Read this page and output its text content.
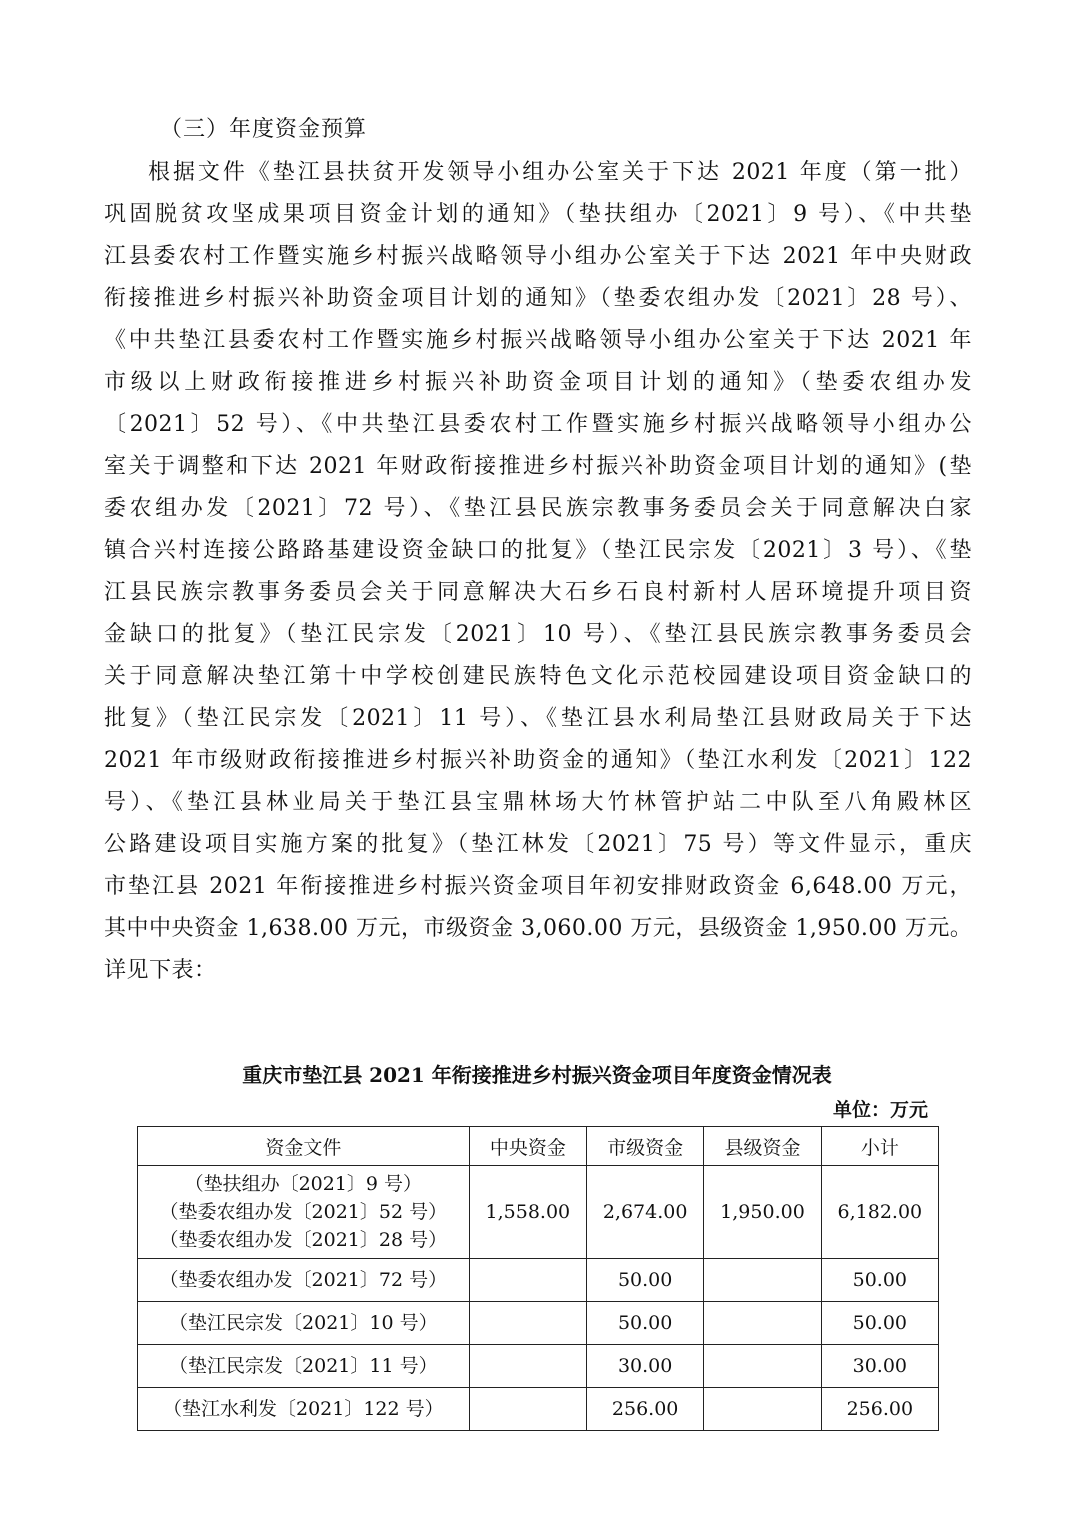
（三）年度资金预算
根据文件《垫江县扶贫开发领导小组办公室关于下达 2021 年度（第一批）
巩固脱贫攻坚成果项目资金计划的通知》（垫扶组办〔2021〕9 号）、《中共垫
江县委农村工作暨实施乡村振兴战略领导小组办公室关于下达 2021 年中央财政
衔接推进乡村振兴补助资金项目计划的通知》（垫委农组办发〔2021〕28 号）、
《中共垫江县委农村工作暨实施乡村振兴战略领导小组办公室关于下达 2021 年
市级以上财政衔接推进乡村振兴补助资金项目计划的通知》（垫委农组办发
〔2021〕52 号）、《中共垫江县委农村工作暨实施乡村振兴战略领导小组办公
室关于调整和下达 2021 年财政衔接推进乡村振兴补助资金项目计划的通知》(垫
委农组办发〔2021〕72 号）、《垫江县民族宗教事务委员会关于同意解决白家
镇合兴村连接公路路基建设资金缺口的批复》（垫江民宗发〔2021〕3 号）、《垫
江县民族宗教事务委员会关于同意解决大石乡石良村新村人居环境提升项目资
金缺口的批复》（垫江民宗发〔2021〕10 号）、《垫江县民族宗教事务委员会
关于同意解决垫江第十中学校创建民族特色文化示范校园建设项目资金缺口的
批复》（垫江民宗发〔2021〕11 号）、《垫江县水利局垫江县财政局关于下达
2021 年市级财政衔接推进乡村振兴补助资金的通知》（垫江水利发〔2021〕122
号）、《垫江县林业局关于垫江县宝鼎林场大竹林管护站二中队至八角殿林区
公路建设项目实施方案的批复》（垫江林发〔2021〕75 号）等文件显示，重庆
市垫江县 2021 年衔接推进乡村振兴资金项目年初安排财政资金 6,648.00 万元，
其中中央资金 1,638.00 万元，市级资金 3,060.00 万元，县级资金 1,950.00 万元。
详见下表：
重庆市垫江县 2021 年衔接推进乡村振兴资金项目年度资金情况表
单位：万元
资金文件	中央资金	市级资金	县级资金	小计

（垫扶组办〔2021〕9 号）
（垫委农组办发〔2021〕52 号）
（垫委农组办发〔2021〕28 号）	1,558.00	2,674.00	1,950.00	6,182.00

（垫委农组办发〔2021〕72 号）		50.00		50.00

（垫江民宗发〔2021〕10 号）		50.00		50.00

（垫江民宗发〔2021〕11 号）		30.00		30.00

（垫江水利发〔2021〕122 号）		256.00		256.00
